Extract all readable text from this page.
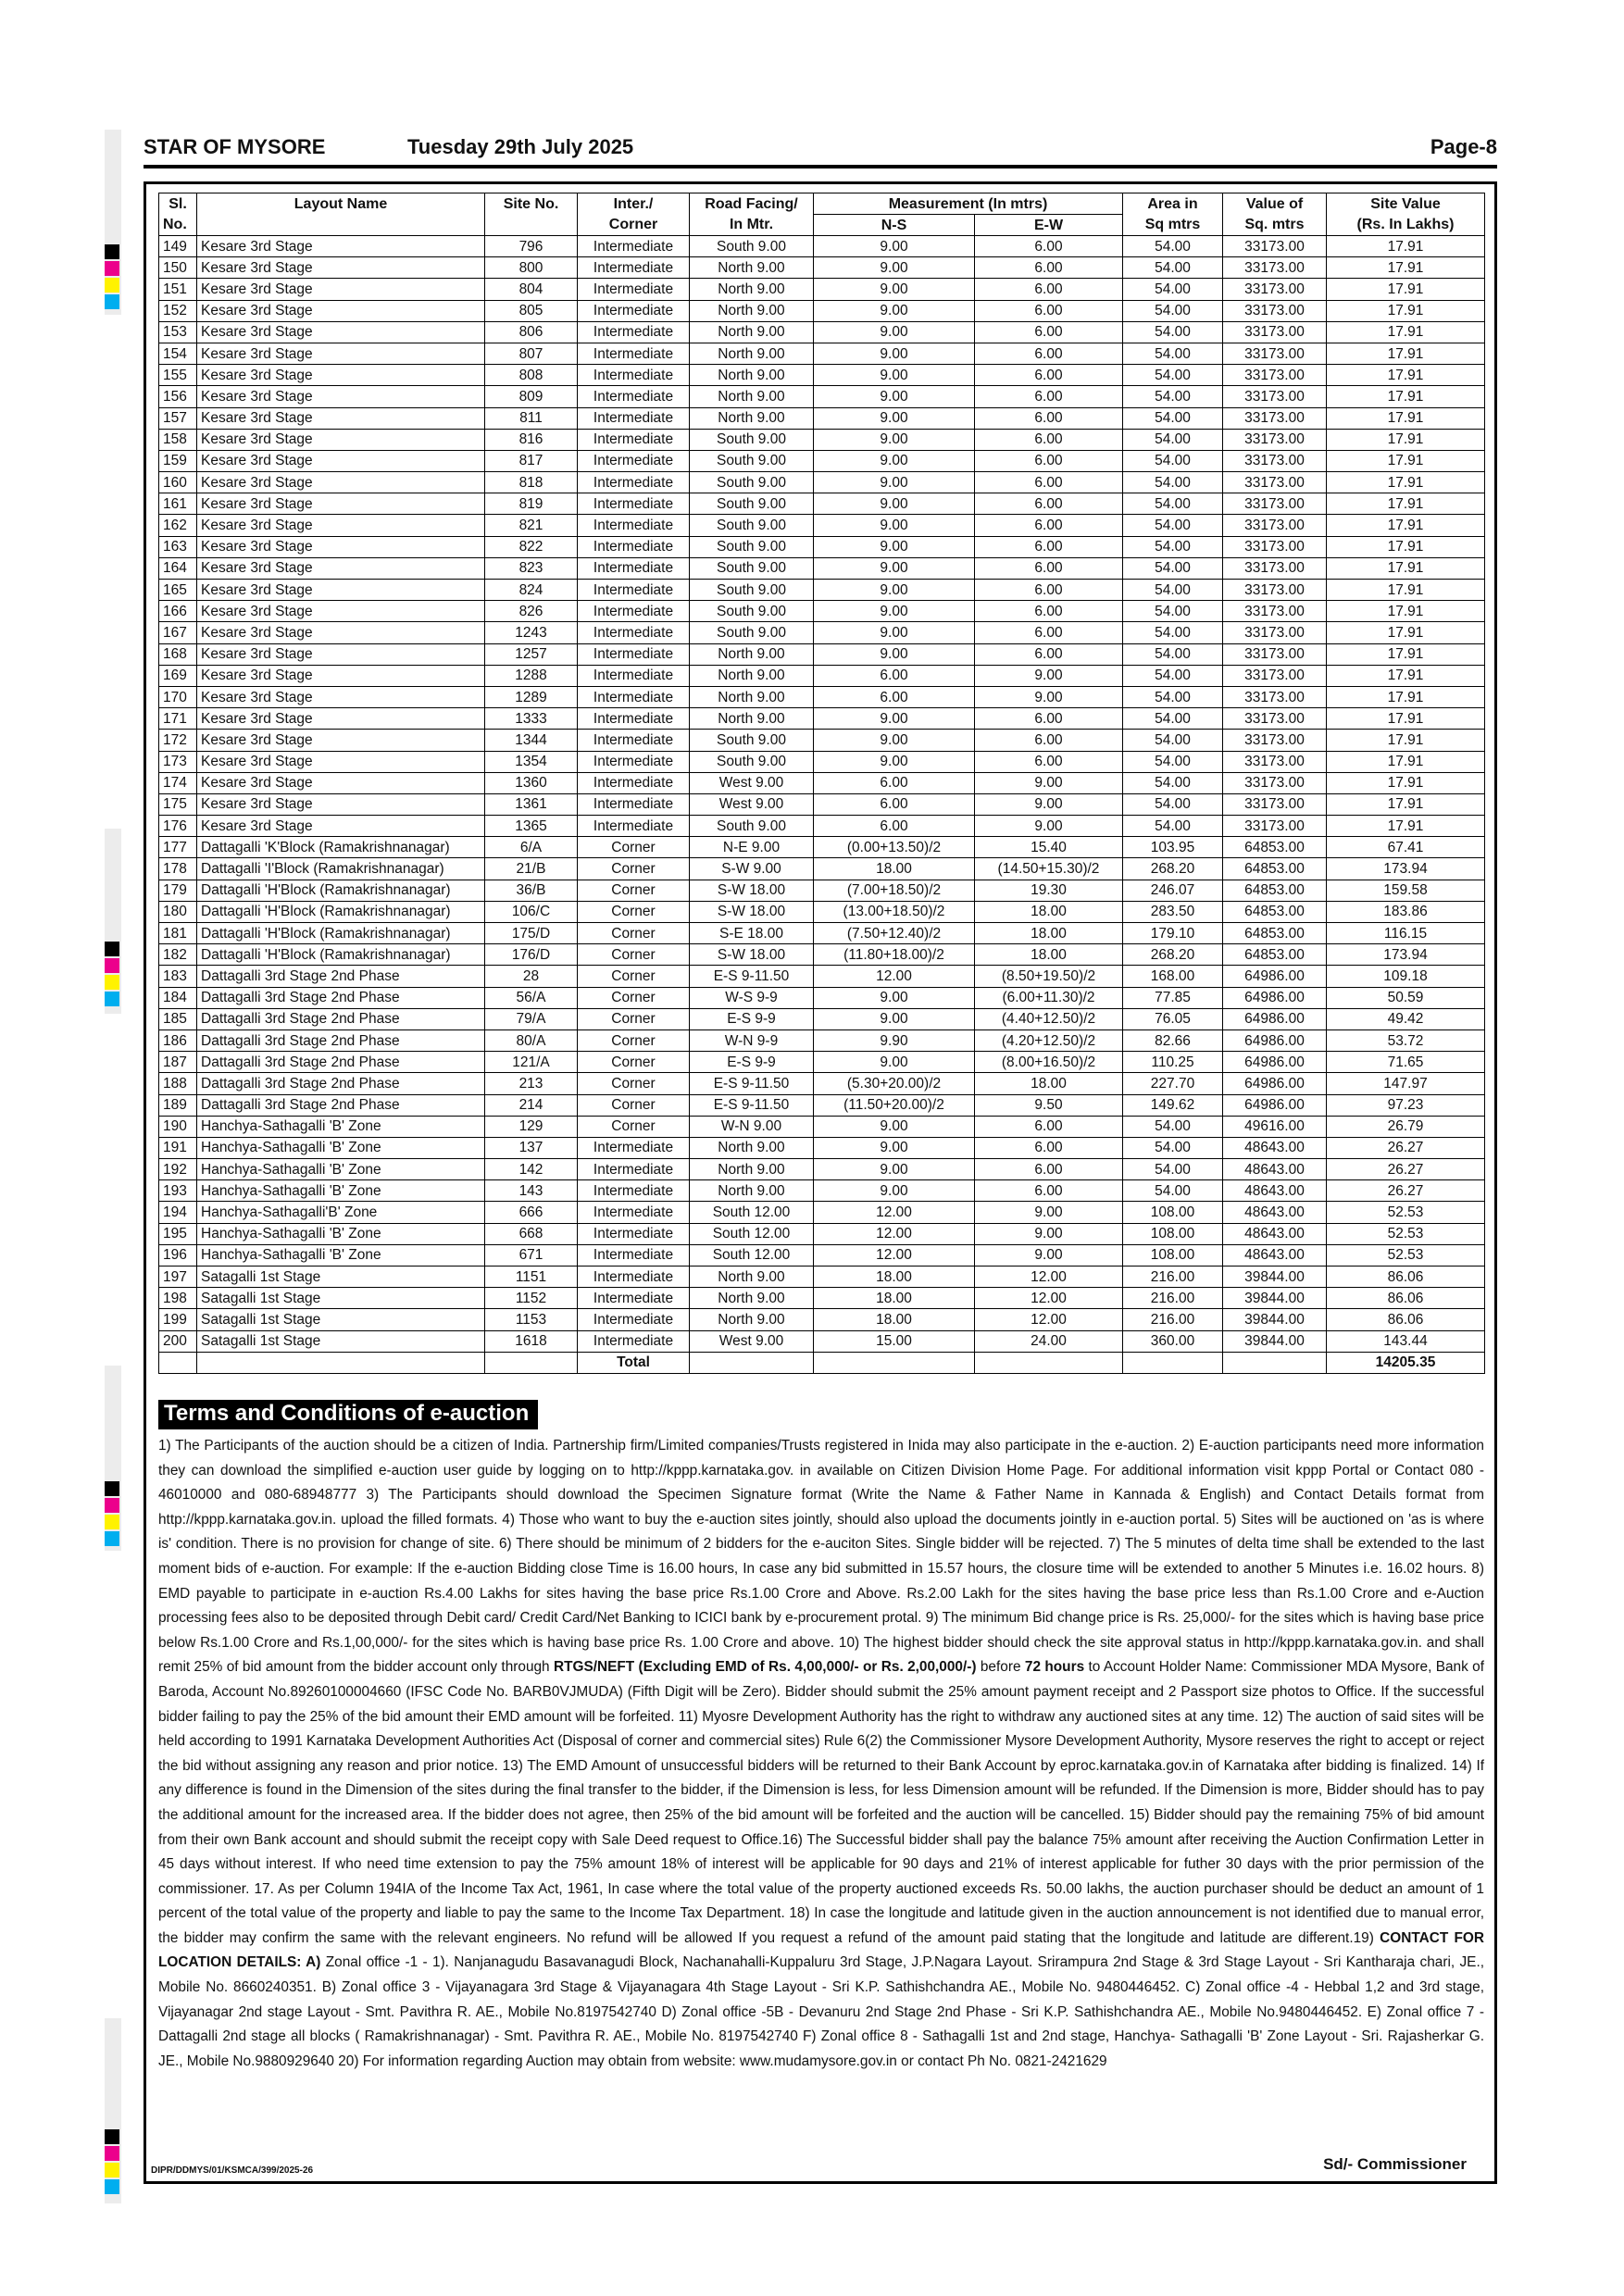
STAR OF MYSORE	Tuesday 29th July 2025	Page-8
Sl.	Layout Name	Site No.	Inter./	Road Facing/	Measurement (In mtrs)		Area in	Value of	Site Value
No.			Corner	In Mtr.	N-S	E-W	Sq mtrs	Sq. mtrs	(Rs. In Lakhs)
149	Kesare 3rd Stage	796	Intermediate	South 9.00	9.00	6.00	54.00	33173.00	17.91
150	Kesare 3rd Stage	800	Intermediate	North 9.00	9.00	6.00	54.00	33173.00	17.91
151	Kesare 3rd Stage	804	Intermediate	North 9.00	9.00	6.00	54.00	33173.00	17.91
152	Kesare 3rd Stage	805	Intermediate	North 9.00	9.00	6.00	54.00	33173.00	17.91
153	Kesare 3rd Stage	806	Intermediate	North 9.00	9.00	6.00	54.00	33173.00	17.91
154	Kesare 3rd Stage	807	Intermediate	North 9.00	9.00	6.00	54.00	33173.00	17.91
155	Kesare 3rd Stage	808	Intermediate	North 9.00	9.00	6.00	54.00	33173.00	17.91
156	Kesare 3rd Stage	809	Intermediate	North 9.00	9.00	6.00	54.00	33173.00	17.91
157	Kesare 3rd Stage	811	Intermediate	North 9.00	9.00	6.00	54.00	33173.00	17.91
158	Kesare 3rd Stage	816	Intermediate	South 9.00	9.00	6.00	54.00	33173.00	17.91
159	Kesare 3rd Stage	817	Intermediate	South 9.00	9.00	6.00	54.00	33173.00	17.91
160	Kesare 3rd Stage	818	Intermediate	South 9.00	9.00	6.00	54.00	33173.00	17.91
161	Kesare 3rd Stage	819	Intermediate	South 9.00	9.00	6.00	54.00	33173.00	17.91
162	Kesare 3rd Stage	821	Intermediate	South 9.00	9.00	6.00	54.00	33173.00	17.91
163	Kesare 3rd Stage	822	Intermediate	South 9.00	9.00	6.00	54.00	33173.00	17.91
164	Kesare 3rd Stage	823	Intermediate	South 9.00	9.00	6.00	54.00	33173.00	17.91
165	Kesare 3rd Stage	824	Intermediate	South 9.00	9.00	6.00	54.00	33173.00	17.91
166	Kesare 3rd Stage	826	Intermediate	South 9.00	9.00	6.00	54.00	33173.00	17.91
167	Kesare 3rd Stage	1243	Intermediate	South 9.00	9.00	6.00	54.00	33173.00	17.91
168	Kesare 3rd Stage	1257	Intermediate	North 9.00	9.00	6.00	54.00	33173.00	17.91
169	Kesare 3rd Stage	1288	Intermediate	North 9.00	6.00	9.00	54.00	33173.00	17.91
170	Kesare 3rd Stage	1289	Intermediate	North 9.00	6.00	9.00	54.00	33173.00	17.91
171	Kesare 3rd Stage	1333	Intermediate	North 9.00	9.00	6.00	54.00	33173.00	17.91
172	Kesare 3rd Stage	1344	Intermediate	South 9.00	9.00	6.00	54.00	33173.00	17.91
173	Kesare 3rd Stage	1354	Intermediate	South 9.00	9.00	6.00	54.00	33173.00	17.91
174	Kesare 3rd Stage	1360	Intermediate	West 9.00	6.00	9.00	54.00	33173.00	17.91
175	Kesare 3rd Stage	1361	Intermediate	West 9.00	6.00	9.00	54.00	33173.00	17.91
176	Kesare 3rd Stage	1365	Intermediate	South 9.00	6.00	9.00	54.00	33173.00	17.91
177	Dattagalli 'K'Block (Ramakrishnanagar)	6/A	Corner	N-E 9.00	(0.00+13.50)/2	15.40	103.95	64853.00	67.41
178	Dattagalli 'I'Block (Ramakrishnanagar)	21/B	Corner	S-W 9.00	18.00	(14.50+15.30)/2	268.20	64853.00	173.94
179	Dattagalli 'H'Block (Ramakrishnanagar)	36/B	Corner	S-W 18.00	(7.00+18.50)/2	19.30	246.07	64853.00	159.58
180	Dattagalli 'H'Block (Ramakrishnanagar)	106/C	Corner	S-W 18.00	(13.00+18.50)/2	18.00	283.50	64853.00	183.86
181	Dattagalli 'H'Block (Ramakrishnanagar)	175/D	Corner	S-E 18.00	(7.50+12.40)/2	18.00	179.10	64853.00	116.15
182	Dattagalli 'H'Block (Ramakrishnanagar)	176/D	Corner	S-W 18.00	(11.80+18.00)/2	18.00	268.20	64853.00	173.94
183	Dattagalli 3rd Stage 2nd Phase	28	Corner	E-S 9-11.50	12.00	(8.50+19.50)/2	168.00	64986.00	109.18
184	Dattagalli 3rd Stage 2nd Phase	56/A	Corner	W-S 9-9	9.00	(6.00+11.30)/2	77.85	64986.00	50.59
185	Dattagalli 3rd Stage 2nd Phase	79/A	Corner	E-S 9-9	9.00	(4.40+12.50)/2	76.05	64986.00	49.42
186	Dattagalli 3rd Stage 2nd Phase	80/A	Corner	W-N 9-9	9.90	(4.20+12.50)/2	82.66	64986.00	53.72
187	Dattagalli 3rd Stage 2nd Phase	121/A	Corner	E-S 9-9	9.00	(8.00+16.50)/2	110.25	64986.00	71.65
188	Dattagalli 3rd Stage 2nd Phase	213	Corner	E-S 9-11.50	(5.30+20.00)/2	18.00	227.70	64986.00	147.97
189	Dattagalli 3rd Stage 2nd Phase	214	Corner	E-S 9-11.50	(11.50+20.00)/2	9.50	149.62	64986.00	97.23
190	Hanchya-Sathagalli 'B' Zone	129	Corner	W-N 9.00	9.00	6.00	54.00	49616.00	26.79
191	Hanchya-Sathagalli 'B' Zone	137	Intermediate	North 9.00	9.00	6.00	54.00	48643.00	26.27
192	Hanchya-Sathagalli 'B' Zone	142	Intermediate	North 9.00	9.00	6.00	54.00	48643.00	26.27
193	Hanchya-Sathagalli 'B' Zone	143	Intermediate	North 9.00	9.00	6.00	54.00	48643.00	26.27
194	Hanchya-Sathagalli'B' Zone	666	Intermediate	South 12.00	12.00	9.00	108.00	48643.00	52.53
195	Hanchya-Sathagalli 'B' Zone	668	Intermediate	South 12.00	12.00	9.00	108.00	48643.00	52.53
196	Hanchya-Sathagalli 'B' Zone	671	Intermediate	South 12.00	12.00	9.00	108.00	48643.00	52.53
197	Satagalli 1st Stage	1151	Intermediate	North 9.00	18.00	12.00	216.00	39844.00	86.06
198	Satagalli 1st Stage	1152	Intermediate	North 9.00	18.00	12.00	216.00	39844.00	86.06
199	Satagalli 1st Stage	1153	Intermediate	North 9.00	18.00	12.00	216.00	39844.00	86.06
200	Satagalli 1st Stage	1618	Intermediate	West 9.00	15.00	24.00	360.00	39844.00	143.44
			Total						14205.35
Terms and Conditions of e-auction
1) The Participants of the auction should be a citizen of India. Partnership firm/Limited companies/Trusts registered in Inida may also participate in the e-auction. 2) E-auction participants need more information they can download the simplified e-auction user guide by logging on to http://kppp.karnataka.gov. in available on Citizen Division Home Page. For additional information visit kppp Portal or Contact 080 - 46010000 and 080-68948777 3) The Participants should download the Specimen Signature format (Write the Name & Father Name in Kannada & English) and Contact Details format from http://kppp.karnataka.gov.in. upload the filled formats. 4) Those who want to buy the e-auction sites jointly, should also upload the documents jointly in e-auction portal. 5) Sites will be auctioned on 'as is where is' condition. There is no provision for change of site. 6) There should be minimum of 2 bidders for the e-auciton Sites. Single bidder will be rejected. 7) The 5 minutes of delta time shall be extended to the last moment bids of e-auction. For example: If the e-auction Bidding close Time is 16.00 hours, In case any bid submitted in 15.57 hours, the closure time will be extended to another 5 Minutes i.e. 16.02 hours. 8) EMD payable to participate in e-auction Rs.4.00 Lakhs for sites having the base price Rs.1.00 Crore and Above. Rs.2.00 Lakh for the sites having the base price less than Rs.1.00 Crore and e-Auction processing fees also to be deposited through Debit card/ Credit Card/Net Banking to ICICI bank by e-procurement protal. 9) The minimum Bid change price is Rs. 25,000/- for the sites which is having base price below Rs.1.00 Crore and Rs.1,00,000/- for the sites which is having base price Rs. 1.00 Crore and above. 10) The highest bidder should check the site approval status in http://kppp.karnataka.gov.in. and shall remit 25% of bid amount from the bidder account only through RTGS/NEFT (Excluding EMD of Rs. 4,00,000/- or Rs. 2,00,000/-) before 72 hours to Account Holder Name: Commissioner MDA Mysore, Bank of Baroda, Account No.89260100004660 (IFSC Code No. BARB0VJMUDA) (Fifth Digit will be Zero). Bidder should submit the 25% amount payment receipt and 2 Passport size photos to Office. If the successful bidder failing to pay the 25% of the bid amount their EMD amount will be forfeited. 11) Myosre Development Authority has the right to withdraw any auctioned sites at any time. 12) The auction of said sites will be held according to 1991 Karnataka Development Authorities Act (Disposal of corner and commercial sites) Rule 6(2) the Commissioner Mysore Development Authority, Mysore reserves the right to accept or reject the bid without assigning any reason and prior notice. 13) The EMD Amount of unsuccessful bidders will be returned to their Bank Account by eproc.karnataka.gov.in of Karnataka after bidding is finalized. 14) If any difference is found in the Dimension of the sites during the final transfer to the bidder, if the Dimension is less, for less Dimension amount will be refunded. If the Dimension is more, Bidder should has to pay the additional amount for the increased area. If the bidder does not agree, then 25% of the bid amount will be forfeited and the auction will be cancelled. 15) Bidder should pay the remaining 75% of bid amount from their own Bank account and should submit the receipt copy with Sale Deed request to Office.16) The Successful bidder shall pay the balance 75% amount after receiving the Auction Confirmation Letter in 45 days without interest. If who need time extension to pay the 75% amount 18% of interest will be applicable for 90 days and 21% of interest applicable for futher 30 days with the prior permission of the commissioner. 17. As per Column 194IA of the Income Tax Act, 1961, In case where the total value of the property auctioned exceeds Rs. 50.00 lakhs, the auction purchaser should be deduct an amount of 1 percent of the total value of the property and liable to pay the same to the Income Tax Department. 18) In case the longitude and latitude given in the auction announcement is not identified due to manual error, the bidder may confirm the same with the relevant engineers. No refund will be allowed If you request a refund of the amount paid stating that the longitude and latitude are different.19) CONTACT FOR LOCATION DETAILS: A) Zonal office -1 - 1). Nanjanagudu Basavanagudi Block, Nachanahalli-Kuppaluru 3rd Stage, J.P.Nagara Layout. Srirampura 2nd Stage & 3rd Stage Layout - Sri Kantharaja chari, JE., Mobile No. 8660240351. B) Zonal office 3 - Vijayanagara 3rd Stage & Vijayanagara 4th Stage Layout - Sri K.P. Sathishchandra AE., Mobile No. 9480446452. C) Zonal office -4 - Hebbal 1,2 and 3rd stage, Vijayanagar 2nd stage Layout - Smt. Pavithra R. AE., Mobile No.8197542740 D) Zonal office -5B - Devanuru 2nd Stage 2nd Phase - Sri K.P. Sathishchandra AE., Mobile No.9480446452. E) Zonal office 7 - Dattagalli 2nd stage all blocks ( Ramakrishnanagar) - Smt. Pavithra R. AE., Mobile No. 8197542740 F) Zonal office 8 - Sathagalli 1st and 2nd stage, Hanchya- Sathagalli 'B' Zone Layout - Sri. Rajasherkar G. JE., Mobile No.9880929640 20) For information regarding Auction may obtain from website: www.mudamysore.gov.in or contact Ph No. 0821-2421629
DIPR/DDMYS/01/KSMCA/399/2025-26	Sd/- Commissioner
